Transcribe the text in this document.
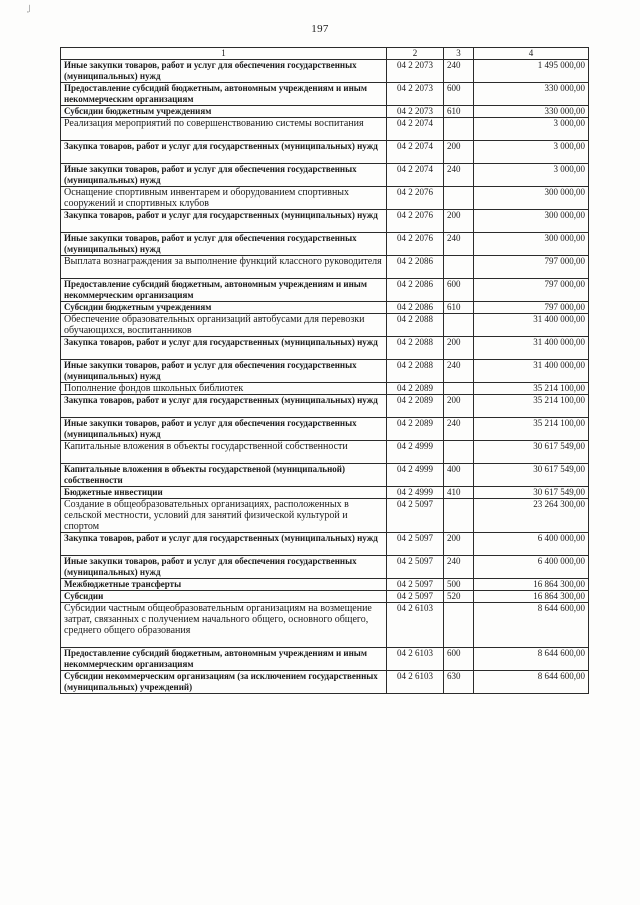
./
197
1	2	3	4
Иные закупки товаров, работ и услуг для обеспечения государственных (муниципальных) нужд	04 2 2073	240	1 495 000,00
Предоставление субсидий бюджетным, автономным учреждениям и иным некоммерческим организациям	04 2 2073	600	330 000,00
Субсидии бюджетным учреждениям	04 2 2073	610	330 000,00
Реализация мероприятий по совершенствованию системы воспитания	04 2 2074		3 000,00
Закупка товаров, работ и услуг для государственных (муниципальных) нужд	04 2 2074	200	3 000,00
Иные закупки товаров, работ и услуг для обеспечения государственных (муниципальных) нужд	04 2 2074	240	3 000,00
Оснащение спортивным инвентарем и оборудованием спортивных сооружений и спортивных клубов	04 2 2076		300 000,00
Закупка товаров, работ и услуг для государственных (муниципальных) нужд	04 2 2076	200	300 000,00
Иные закупки товаров, работ и услуг для обеспечения государственных (муниципальных) нужд	04 2 2076	240	300 000,00
Выплата вознаграждения за выполнение функций классного руководителя	04 2 2086		797 000,00
Предоставление субсидий бюджетным, автономным учреждениям и иным некоммерческим организациям	04 2 2086	600	797 000,00
Субсидии бюджетным учреждениям	04 2 2086	610	797 000,00
Обеспечение образовательных организаций автобусами для перевозки обучающихся, воспитанников	04 2 2088		31 400 000,00
Закупка товаров, работ и услуг для государственных (муниципальных) нужд	04 2 2088	200	31 400 000,00
Иные закупки товаров, работ и услуг для обеспечения государственных (муниципальных) нужд	04 2 2088	240	31 400 000,00
Пополнение фондов школьных библиотек	04 2 2089		35 214 100,00
Закупка товаров, работ и услуг для государственных (муниципальных) нужд	04 2 2089	200	35 214 100,00
Иные закупки товаров, работ и услуг для обеспечения государственных (муниципальных) нужд	04 2 2089	240	35 214 100,00
Капитальные вложения в объекты государственной собственности	04 2 4999		30 617 549,00
Капитальные вложения в объекты государственой (муниципальной) собственности	04 2 4999	400	30 617 549,00
Бюджетные инвестиции	04 2 4999	410	30 617 549,00
Создание в общеобразовательных организациях, расположенных в сельской местности, условий для занятий физической культурой и спортом	04 2 5097		23 264 300,00
Закупка товаров, работ и услуг для государственных (муниципальных) нужд	04 2 5097	200	6 400 000,00
Иные закупки товаров, работ и услуг для обеспечения государственных (муниципальных) нужд	04 2 5097	240	6 400 000,00
Межбюджетные трансферты	04 2 5097	500	16 864 300,00
Субсидии	04 2 5097	520	16 864 300,00
Субсидии частным общеобразовательным организациям на возмещение затрат, связанных с получением начального общего, основного общего, среднего общего образования	04 2 6103		8 644 600,00
Предоставление субсидий бюджетным, автономным учреждениям и иным некоммерческим организациям	04 2 6103	600	8 644 600,00
Субсидии некоммерческим организациям (за исключением государственных (муниципальных) учреждений)	04 2 6103	630	8 644 600,00
